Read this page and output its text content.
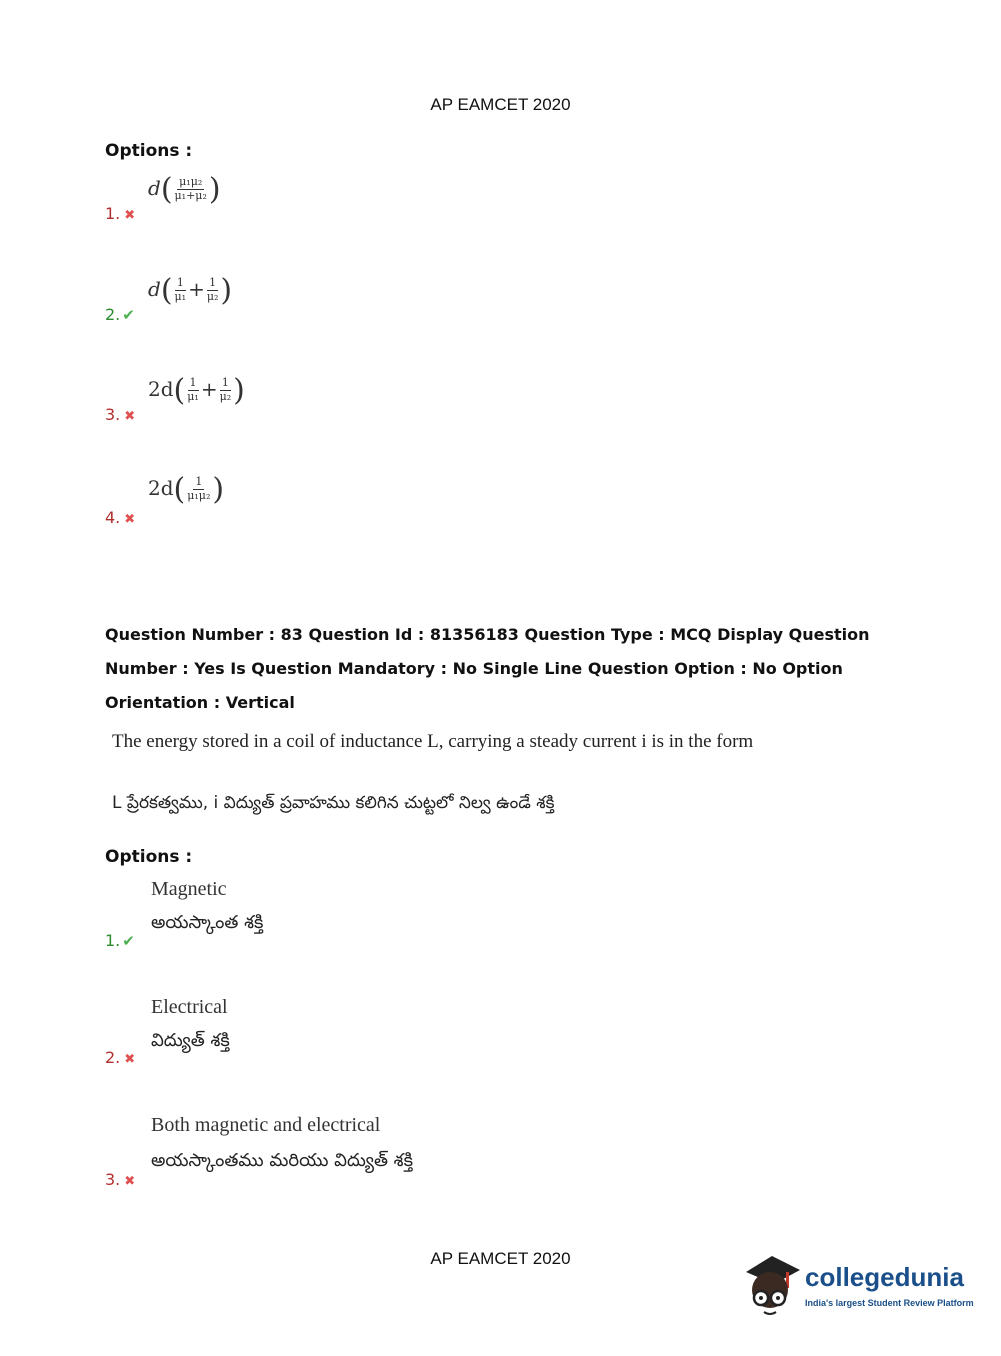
AP EAMCET 2020
Options :
$d( \frac{\text{μ₁μ₂}}{\text{μ₁+μ₂}}$ )
1. ✖
$d( \frac{1}{\text{μ₁}} + \frac{1}{\text{μ₂}}$ )
2. ✔
$2d( \frac{1}{\text{μ₁}} + \frac{1}{\text{μ₂}}$ )
3. ✖
$2d( \frac{1}{\text{μ₁μ₂}}$ )
4. ✖
Question Number : 83 Question Id : 81356183 Question Type : MCQ Display Question Number : Yes Is Question Mandatory : No Single Line Question Option : No Option Orientation : Vertical
The energy stored in a coil of inductance L, carrying a steady current i is in the form
L ప్రేరకత్వము, i విద్యుత్ ప్రవాహము కలిగిన చుట్టలో నిల్వ ఉండే శక్తి
Options :
Magnetic
అయస్కాంత శక్తి
1. ✔
Electrical
విద్యుత్ శక్తి
2. ✖
Both magnetic and electrical
అయస్కాంతము మరియు విద్యుత్ శక్తి
3. ✖
AP EAMCET 2020
collegedunia
India's largest Student Review Platform
